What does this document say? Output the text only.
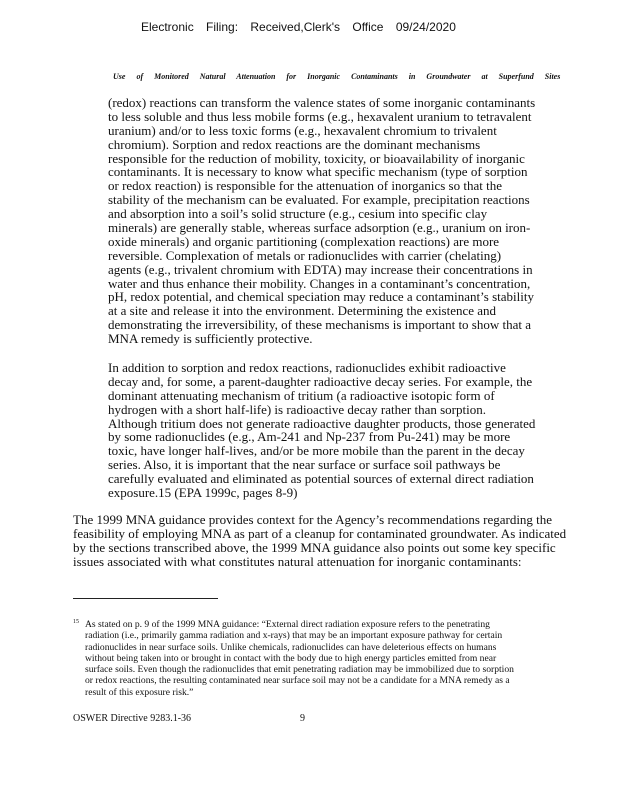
Electronic Filing: Received,Clerk's Office 09/24/2020
Use of Monitored Natural Attenuation for Inorganic Contaminants in Groundwater at Superfund Sites
(redox) reactions can transform the valence states of some inorganic contaminants
to less soluble and thus less mobile forms (e.g., hexavalent uranium to tetravalent
uranium) and/or to less toxic forms (e.g., hexavalent chromium to trivalent
chromium). Sorption and redox reactions are the dominant mechanisms
responsible for the reduction of mobility, toxicity, or bioavailability of inorganic
contaminants. It is necessary to know what specific mechanism (type of sorption
or redox reaction) is responsible for the attenuation of inorganics so that the
stability of the mechanism can be evaluated. For example, precipitation reactions
and absorption into a soil’s solid structure (e.g., cesium into specific clay
minerals) are generally stable, whereas surface adsorption (e.g., uranium on iron-
oxide minerals) and organic partitioning (complexation reactions) are more
reversible. Complexation of metals or radionuclides with carrier (chelating)
agents (e.g., trivalent chromium with EDTA) may increase their concentrations in
water and thus enhance their mobility. Changes in a contaminant’s concentration,
pH, redox potential, and chemical speciation may reduce a contaminant’s stability
at a site and release it into the environment. Determining the existence and
demonstrating the irreversibility, of these mechanisms is important to show that a
MNA remedy is sufficiently protective.
In addition to sorption and redox reactions, radionuclides exhibit radioactive
decay and, for some, a parent-daughter radioactive decay series. For example, the
dominant attenuating mechanism of tritium (a radioactive isotopic form of
hydrogen with a short half-life) is radioactive decay rather than sorption.
Although tritium does not generate radioactive daughter products, those generated
by some radionuclides (e.g., Am-241 and Np-237 from Pu-241) may be more
toxic, have longer half-lives, and/or be more mobile than the parent in the decay
series. Also, it is important that the near surface or surface soil pathways be
carefully evaluated and eliminated as potential sources of external direct radiation
exposure.15 (EPA 1999c, pages 8-9)
The 1999 MNA guidance provides context for the Agency’s recommendations regarding the
feasibility of employing MNA as part of a cleanup for contaminated groundwater. As indicated
by the sections transcribed above, the 1999 MNA guidance also points out some key specific
issues associated with what constitutes natural attenuation for inorganic contaminants:
15 As stated on p. 9 of the 1999 MNA guidance: “External direct radiation exposure refers to the penetrating
radiation (i.e., primarily gamma radiation and x-rays) that may be an important exposure pathway for certain
radionuclides in near surface soils. Unlike chemicals, radionuclides can have deleterious effects on humans
without being taken into or brought in contact with the body due to high energy particles emitted from near
surface soils. Even though the radionuclides that emit penetrating radiation may be immobilized due to sorption
or redox reactions, the resulting contaminated near surface soil may not be a candidate for a MNA remedy as a
result of this exposure risk.”
OSWER Directive 9283.1-36	9
